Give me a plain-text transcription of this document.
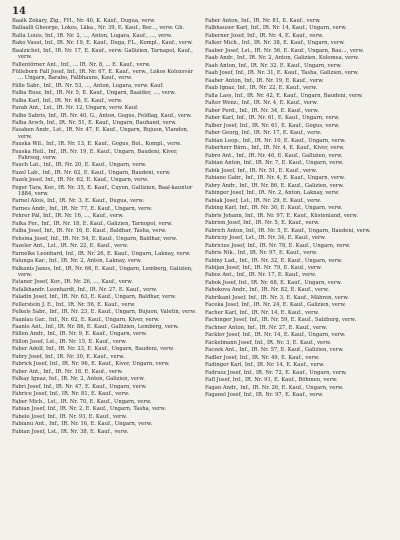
14

Baalk Zekary, Zlg., FH., Nr. 40, K. Kauf., Dugua, verw.

Ballaalli Gheorge, Lokos, Läka., Nr. 39, E. Kauf., Ber..., verw. Gh.

Ralla Louis, Inf., IR. Nr. 2, ..., Anton, Lugara, Kauf., ..., verw.

Rako Vasat, Inf., IR. Nr. 19, E. Kauf., Duga, FL., Kompl., Kauf., verw.

Baalzichet, Inf., IR. Nr. 17, E. Kauf., verw. Gallizien, Tarnapol, Kauf., verw.

Fallentörner Ant., Inf., ... IR. Nr. 8, ... E. Kauf., verw.

Fülleborn Fall Josef, Inf., IR. Nr. 67, E. Kauf., verw., Lokos Kolozsvár ... Ungarn, Barabo, Falbhauns, Kauf., verw.

Fälle Sabr., Inf., IR. Nr. 53, ..., Anton, Lugara, verw. Kauf.

Falba Rusz, Inf., IR. Nr. 5, E. Kauf., Ungarn, Baalder, ..., verw.

Falba Karl, Inf., IR. Nr. 48, E. Kauf., verw.

Farab Ant., Lst., IR. Nr. 12, Ungarn, verw. Kauf.

Falbe Sabris, Inf., IR. Nr. 40, G., Anton, Gogus, Feldlag, Kauf., verw.

Falba Arsch, Inf., IR. Nr. 51, E. Kauf., Ungarn, Bauhand, verw.

Fasaben Andr., Lst., IR. Nr. 47, E. Kauf., Ungarn, Bujuon, Vlandon, verw.

Fauska Wil., Inf., IR. Nr. 13, E. Kauf., Gogus, Bol., Kompl., verw.

Fauska Heil., Inf., IR. Nr. 19, E. Kauf., Ungarn, Baudeni, Kiver, Fahrsog, verw.

Fauch Lat., Inf., IR. Nr. 20, E. Kauf., Ungarn, verw.

Fazel Lab., Inf., IR. Nr. 62, E. Kauf., Ungarn, Baudeni, verw.

Fazek Josef, Inf., IR. Nr. 62, E. Kauf., Ungarn, verw.

Feger Tara, Kor., IR. Nr. 35, E. Kauf., Cuyon, Gallizien, Baal-kauntor 1884, verw.

Farnel Alois, Inf., IR. Nr. 3, E. Kauf., Dugua, verw.

Farnes Andr., Inf., IR. Nr. 77, E. Kauf., Ungarn, verw.

Fehrer Pál, Inf., IR. Nr. 16, ..., Kauf., verw.

Falka Fer., Inf., IR. Nr. 18, E. Kauf., Galizien, Tarnopol, verw.

Falba Josef, Inf., IR. Nr. 16, E. Kauf., Baldhar, Tasha, verw.

Fehsina Josef, Inf., IR. Nr. 54, E. Kauf., Ungarn, Baldhar, verw.

Fazeler Ant., Lst., IR. Nr. 22, E. Kauf., verw.

Farnelke Leonhard, Inf., IR. Nr. 26, E. Kauf., Ungarn, Laknay, verw.

Falunga Kar., Inf., IR. Nr. 2, Anton, Laknay, verw.

Falkanis Janos, Inf., IR. Nr. 66, E. Kauf., Ungarn, Lemberg, Galizien, verw.

Fataner Josef, Kor., IR. Nr. 26, ..., Kauf., verw.

Fafalkhandr. Leonhardt, Inf., IR. Nr. 27, E. Kauf., verw.

Faladin Josef, Inf., IR. Nr. 63, E. Kauf., Ungarn, Baldhar, verw.

Fellerstein J. E., Inf., IR. Nr. 56, E. Kauf., verw.

Felkels Sabr., Inf., IR. Nr. 23, E. Kauf., Ungarn, Bujuon, Valetin, verw.

Faanlau Gar., Inf., Nr. 62, E. Kauf., Ungarn, Kiver, verw.

Faanlo Ant., Inf., IR. Nr. 86, E. Kauf., Gallizien, Lemberg, verw.

Fällen Andr., Inf., IR. Nr. 9, E. Kauf., Ungarn, verw.

Fällon Josef, Lst., IR. Nr. 15, E. Kauf., verw.

Faber Adolf, Inf., IR. Nr. 23, E. Kauf., Ungarn, Baudeni, verw.

Fabry Josef, Inf., IR. Nr. 30, E. Kauf., verw.

Fabrick Josef, Inf., IR. Nr. 96, E. Kauf., Kiver, Ungarn, verw.

Faber Ant., Inf., IR. Nr. 18, E. Kauf., verw.

Falkay Ignaz, Inf., IR. Nr. 2, Anton, Galizien, verw.

Fabri Josef, Inf., IR. Nr. 47, E. Kauf., Ungarn, verw.

Fabrice Josef, Inf., IR. Nr. 81, E. Kauf., verw.

Faber Mich., Lst., IR. Nr. 70, E. Kauf., Ungarn, verw.

Fabian Josef, Inf., IR. Nr. 2, E. Kauf., Ungarn, Tasha, verw.

Fabelo Josef, Inf., IR. Nr. 93, E. Kauf., verw.

Fabianu Ant., Inf., IR. Nr. 16, E. Kauf., Ungarn, verw.

Fabian Josef, Lst., IR. Nr. 38, E. Kauf., verw.

Faber Anton, Inf., IR. Nr. 81, E. Kauf., verw.

Falbhauser Karl, Inf., IR. Nr. 14, Kauf., Ungarn, verw.

Faberner Josef, Inf., IR. Nr. 4, E. Kauf., verw.

Falker Mich., Inf., IR. Nr. 38, E. Kauf., Ungarn, verw.

Faaber Josef, Lst., IR. Nr. 56, E. Kauf., Ungarn, Bau..., verw.

Faab Andr., Inf., IR. Nr. 2, Anton, Galizien, Kolomea, verw.

Faab Anton, Inf., IR. Nr. 32, E. Kauf., Ungarn, verw.

Faab Josef, Inf., IR. Nr. 31, E. Kauf., Tasha, Galizien, verw.

Faaber Anton, Inf., IR. Nr. 19, E. Kauf., verw.

Faab Ignaz, Inf., IR. Nr. 22, E. Kauf., verw.

Falla Lass, Inf., IR. Nr. 42, E. Kauf., Ungarn, Baudeni, verw.

Falter Wenz., Inf., IR. Nr. 4, E. Kauf., verw.

Faber Ferd., Inf., IR. Nr. 34, E. Kauf., verw.

Faber Karl, Inf., IR. Nr. 61, E. Kauf., Ungarn, verw.

Falber Josef, Inf., IR. Nr. 61, E. Kauf., Gogus, verw.

Faber Georg, Inf., IR. Nr. 17, E. Kauf., verw.

Fabian Leop., Inf., IR. Nr. 10, E. Kauf., Ungarn, verw.

Faberherr Bärn., Inf., IR. Nr. 4, E. Kauf., Kiver, verw.

Fabro Ant., Inf., IR. Nr. 46, E. Kauf., Gallizien, verw.

Fabian Anton, Inf., IR. Nr. 7, E. Kauf., Ungarn, verw.

Fabik Josef, Inf., IR. Nr. 51, E. Kauf., verw.

Fabiano Gabr., Inf., IR. Nr. 4, E. Kauf., Ungarn, verw.

Fabry Andr., Inf., IR. Nr. 86, E. Kauf., Galizien, verw.

Fabinger Josef, Inf., IR. Nr. 2, Anton, Laknay, verw.

Fabiak Josef, Lst., IR. Nr. 29, E. Kauf., verw.

Fabing Karl, Inf., IR. Nr. 30, E. Kauf., Ungarn, verw.

Fabris Johann, Inf., IR. Nr. 97, E. Kauf., Küstenland, verw.

Fabrion Josef, Inf., IR. Nr. 5, E. Kauf., verw.

Fabrich Anton, Inf., IR. Nr. 5, E. Kauf., Ungarn, Baudeni, verw.

Fabriczy Josef, Lst., IR. Nr. 34, E. Kauf., verw.

Fabricius Josef, Inf., IR. Nr. 78, E. Kauf., Ungarn, verw.

Fabris Nik., Inf., IR. Nr. 97, E. Kauf., verw.

Fabiny Lad., Inf., IR. Nr. 32, E. Kauf., Ungarn, verw.

Fabijan Josef, Inf., IR. Nr. 79, E. Kauf., verw.

Faboz Ant., Inf., IR. Nr. 17, E. Kauf., verw.

Fabok Josef, Inf., IR. Nr. 68, E. Kauf., Ungarn, verw.

Fabokova Andr., Inf., IR. Nr. 82, E. Kauf., verw.

Fabrikant Josef, Inf., IR. Nr. 3, E. Kauf., Mähren, verw.

Faceka Josef, Inf., IR. Nr. 24, E. Kauf., Galizien, verw.

Facher Karl, Inf., IR. Nr. 14, E. Kauf., verw.

Fachinger Josef, Inf., IR. Nr. 59, E. Kauf., Salzburg, verw.

Fachner Anton, Inf., IR. Nr. 27, E. Kauf., verw.

Fackler Josef, Inf., IR. Nr. 14, E. Kauf., Ungarn, verw.

Fackelmann Josef, Inf., IR. Nr. 3, E. Kauf., verw.

Faczek Ant., Inf., IR. Nr. 57, E. Kauf., Galizien, verw.

Fadler Josef, Inf., IR. Nr. 49, E. Kauf., verw.

Fadinger Karl, Inf., IR. Nr. 14, E. Kauf., verw.

Fadrusz Josef, Inf., IR. Nr. 72, E. Kauf., Ungarn, verw.

Fafl Josef, Inf., IR. Nr. 91, E. Kauf., Böhmen, verw.

Fagan Andr., Inf., IR. Nr. 26, E. Kauf., Ungarn, verw.

Faganel Josef, Inf., IR. Nr. 97, E. Kauf., verw.
